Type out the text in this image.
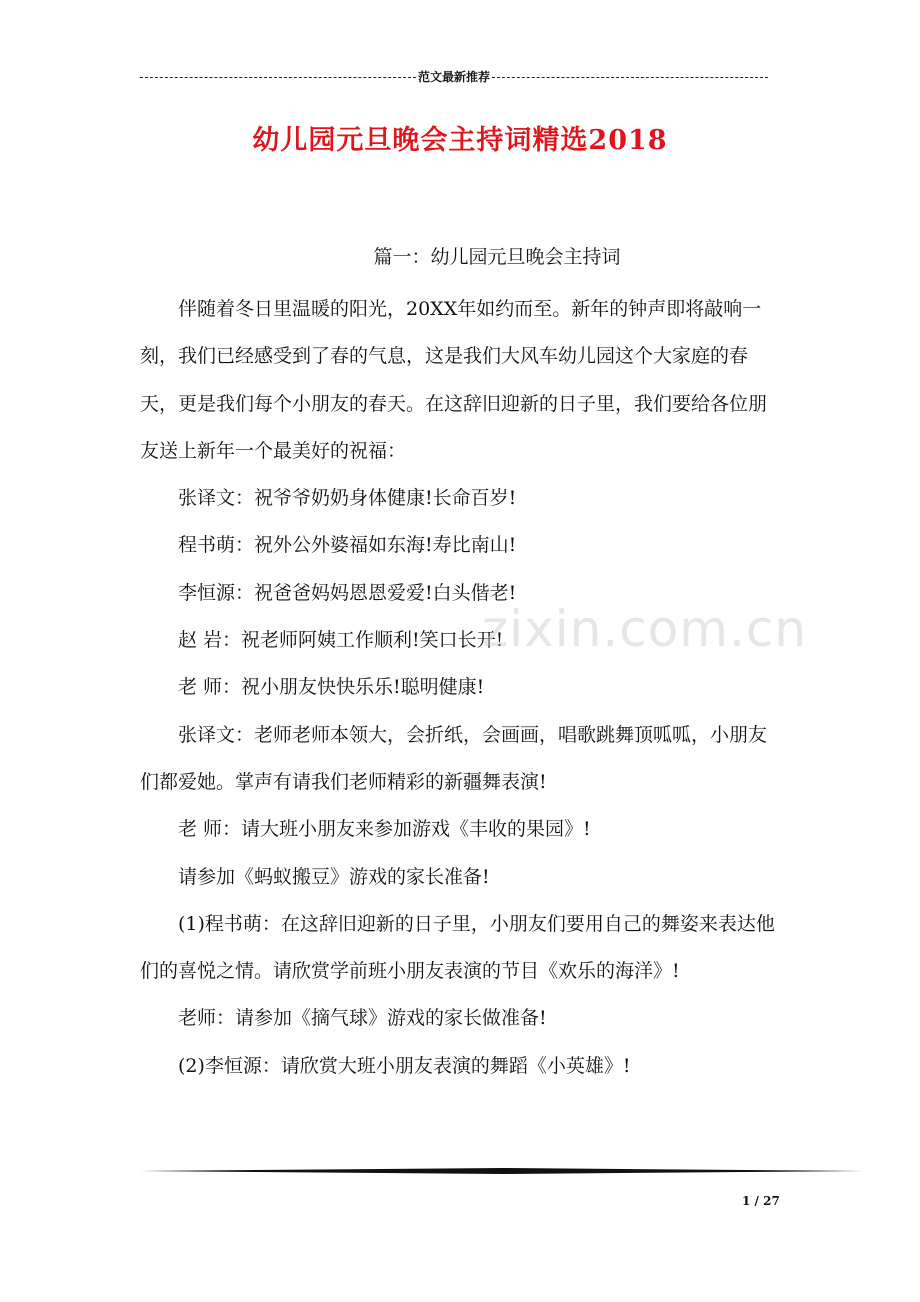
范文最新推荐
幼儿园元旦晚会主持词精选2018
篇一：幼儿园元旦晚会主持词

伴随着冬日里温暖的阳光，20XX年如约而至。新年的钟声即将敲响一刻，我们已经感受到了春的气息，这是我们大风车幼儿园这个大家庭的春天，更是我们每个小朋友的春天。在这辞旧迎新的日子里，我们要给各位朋友送上新年一个最美好的祝福：

张译文：祝爷爷奶奶身体健康!长命百岁!

程书萌：祝外公外婆福如东海!寿比南山!

李恒源：祝爸爸妈妈恩恩爱爱!白头偕老!

赵 岩：祝老师阿姨工作顺利!笑口长开!

老 师：祝小朋友快快乐乐!聪明健康!

张译文：老师老师本领大，会折纸，会画画，唱歌跳舞顶呱呱，小朋友们都爱她。掌声有请我们老师精彩的新疆舞表演!

老 师：请大班小朋友来参加游戏《丰收的果园》!

请参加《蚂蚁搬豆》游戏的家长准备!

(1)程书萌：在这辞旧迎新的日子里，小朋友们要用自己的舞姿来表达他们的喜悦之情。请欣赏学前班小朋友表演的节目《欢乐的海洋》!

老师：请参加《摘气球》游戏的家长做准备!

(2)李恒源：请欣赏大班小朋友表演的舞蹈《小英雄》!

zixin.com.cn
1 / 27
